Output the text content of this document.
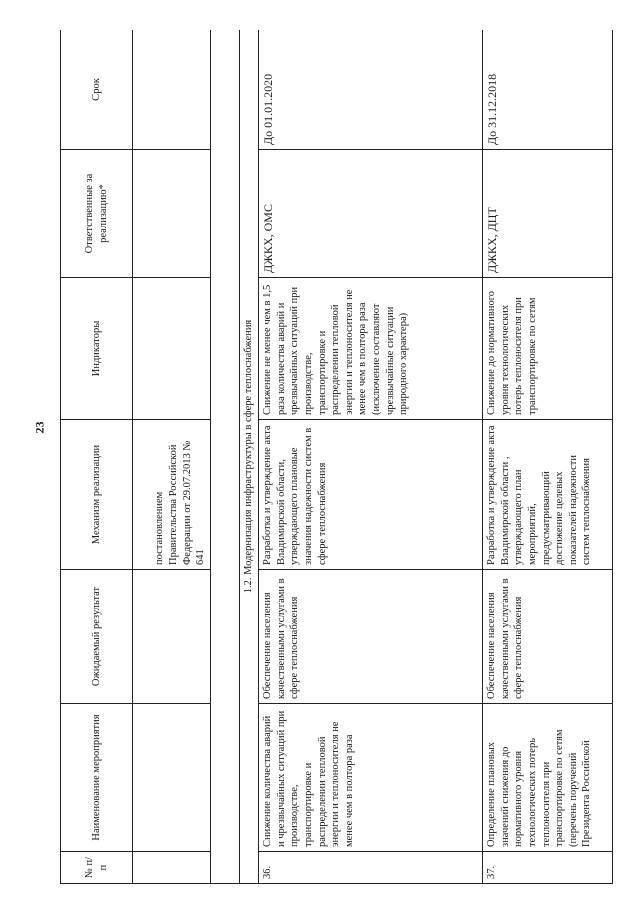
23
№ п/п	Наименование мероприятия	Ожидаемый результат	Механизм реализации	Индикаторы	Ответственные за реализацию*	Срок
			постановлением Правительства Российской Федерации от 29.07.2013 № 641			

1.2. Модернизация инфраструктуры в сфере теплоснабжения						
36.	Снижение количества аварий и чрезвычайных ситуаций при производстве, транспортировке и распределении тепловой энергии и теплоносителя не менее чем в полтора раза	Обеспечение населения качественными услугами в сфере теплоснабжения	Разработка и утверждение акта Владимирской области, утверждающего плановые значения надежности систем в сфере теплоснабжения	Снижение не менее чем в 1,5 раза количества аварий и чрезвычайных ситуаций при производстве, транспортировке и распределении тепловой энергии и теплоносителя не менее чем в полтора раза (исключение составляют чрезвычайные ситуации природного характера)	ДЖКХ, ОМС	До 01.01.2020
37.	Определение плановых значений снижения до нормативного уровня технологических потерь теплоносителя при транспортировке по сетям (перечень поручений Президента Российской	Обеспечение населения качественными услугами в сфере теплоснабжения	Разработка и утверждение акта Владимирской области , утверждающего план мероприятий, предусматривающий достижение целевых показателей надежности систем теплоснабжения	Снижение до нормативного уровня технологических потерь теплоносителя при транспортировке по сетям	ДЖКХ, ДЦТ	До 31.12.2018
